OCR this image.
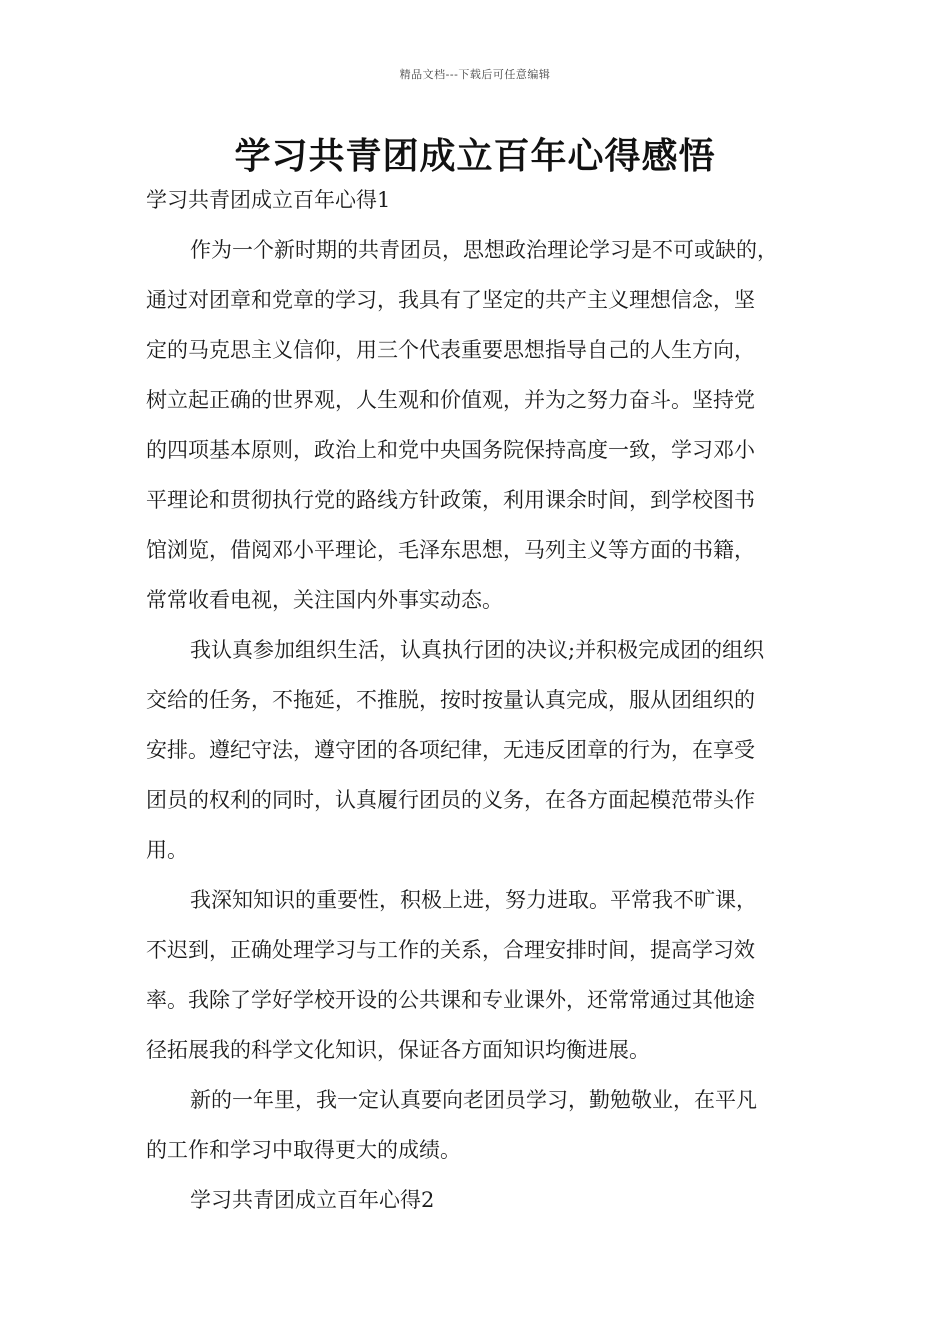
精品文档---下载后可任意编辑
学习共青团成立百年心得感悟
学习共青团成立百年心得1
作为一个新时期的共青团员，思想政治理论学习是不可或缺的，
通过对团章和党章的学习，我具有了坚定的共产主义理想信念，坚
定的马克思主义信仰，用三个代表重要思想指导自己的人生方向，
树立起正确的世界观，人生观和价值观，并为之努力奋斗。坚持党
的四项基本原则，政治上和党中央国务院保持高度一致，学习邓小
平理论和贯彻执行党的路线方针政策，利用课余时间，到学校图书
馆浏览，借阅邓小平理论，毛泽东思想，马列主义等方面的书籍，
常常收看电视，关注国内外事实动态。
我认真参加组织生活，认真执行团的决议;并积极完成团的组织
交给的任务，不拖延，不推脱，按时按量认真完成，服从团组织的
安排。遵纪守法，遵守团的各项纪律，无违反团章的行为，在享受
团员的权利的同时，认真履行团员的义务，在各方面起模范带头作
用。
我深知知识的重要性，积极上进，努力进取。平常我不旷课，
不迟到，正确处理学习与工作的关系，合理安排时间，提高学习效
率。我除了学好学校开设的公共课和专业课外，还常常通过其他途
径拓展我的科学文化知识，保证各方面知识均衡进展。
新的一年里，我一定认真要向老团员学习，勤勉敬业，在平凡
的工作和学习中取得更大的成绩。
学习共青团成立百年心得2
